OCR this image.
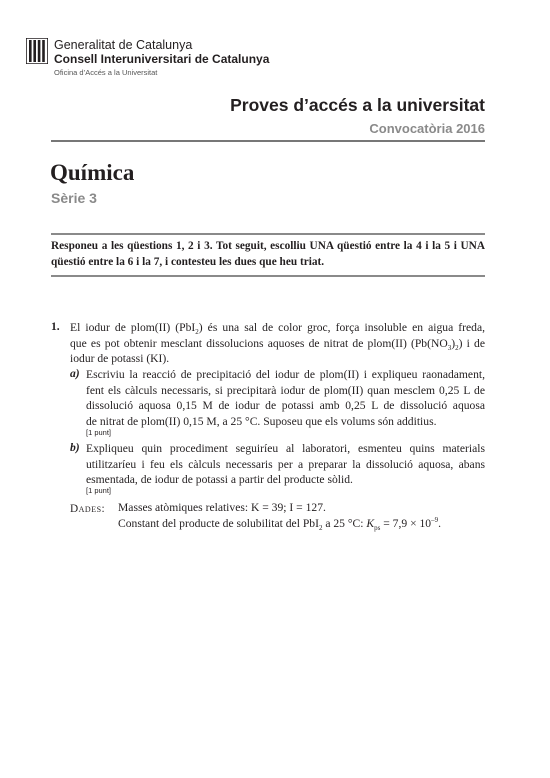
Generalitat de Catalunya
Consell Interuniversitari de Catalunya
Oficina d’Accés a la Universitat
Proves d’accés a la universitat
Convocatòria 2016
Química
Sèrie 3
Responeu a les qüestions 1, 2 i 3. Tot seguit, escolliu UNA qüestió entre la 4 i la 5 i UNA qüestió entre la 6 i la 7, i contesteu les dues que heu triat.
1. El iodur de plom(II) (PbI$_2$) és una sal de color groc, força insoluble en aigua freda,
que es pot obtenir mesclant dissolucions aquoses de nitrat de plom(II) $(Pb(NO_3)_2)$ i de
iodur de potassi (KI).
a) Escriviu la reacció de precipitació del iodur de plom(II) i expliqueu raonadament,
fent els càlculs necessaris, si precipitarà iodur de plom(II) quan mesclem 0,25 L de
dissolució aquosa 0,15 M de iodur de potassi amb 0,25 L de dissolució aquosa
de nitrat de plom(II) 0,15 M, a 25 °C. Suposeu que els volums són additius.
[1 punt]
b) Expliqueu quin procediment seguiríeu al laboratori, esmenteu quins materials
utilitzaríeu i feu els càlculs necessaris per a preparar la dissolució aquosa, abans
esmentada, de iodur de potassi a partir del producte sòlid.
[1 punt]
Dades: Masses atòmiques relatives: K = 39; I = 127.
Constant del producte de solubilitat del PbI$_2$ a 25 °C: $K_{ps} = 7,9 \times 10^{-9}$.
